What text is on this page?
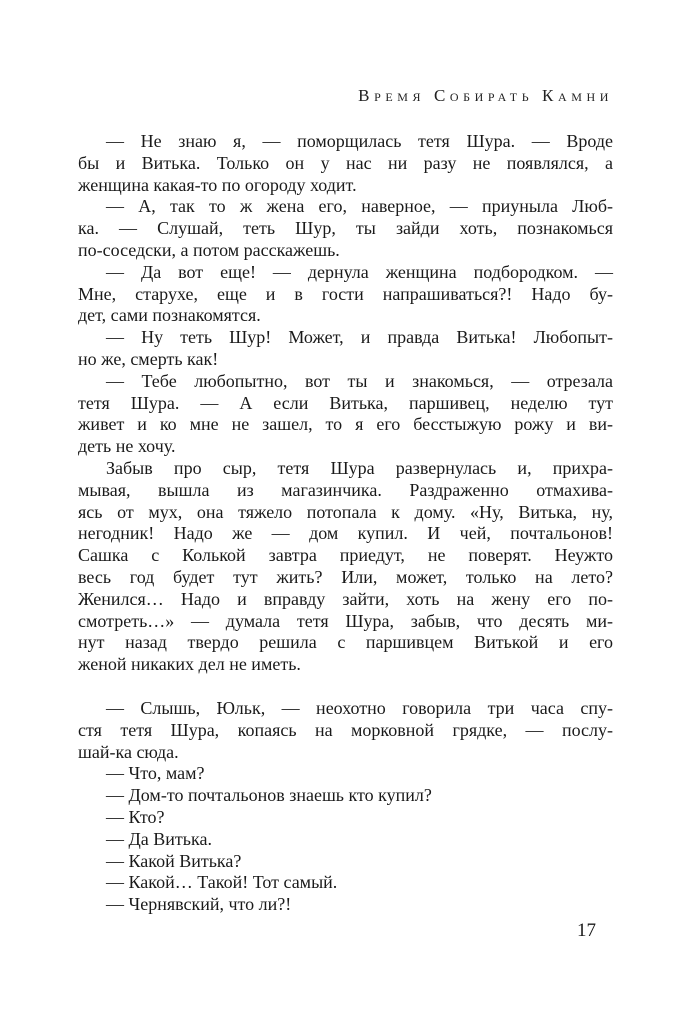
Время Собирать Камни

— Не знаю я, — поморщилась тетя Шура. — Вроде
бы и Витька. Только он у нас ни разу не появлялся, а
женщина какая-то по огороду ходит.

— А, так то ж жена его, наверное, — приуныла Люб-
ка. — Слушай, теть Шур, ты зайди хоть, познакомься
по-соседски, а потом расскажешь.

— Да вот еще! — дернула женщина подбородком. —
Мне, старухе, еще и в гости напрашиваться?! Надо бу-
дет, сами познакомятся.

— Ну теть Шур! Может, и правда Витька! Любопыт-
но же, смерть как!

— Тебе любопытно, вот ты и знакомься, — отрезала
тетя Шура. — А если Витька, паршивец, неделю тут
живет и ко мне не зашел, то я его бесстыжую рожу и ви-
деть не хочу.

Забыв про сыр, тетя Шура развернулась и, прихра-
мывая, вышла из магазинчика. Раздраженно отмахива-
ясь от мух, она тяжело потопала к дому. «Ну, Витька, ну,
негодник! Надо же — дом купил. И чей, почтальонов!
Сашка с Колькой завтра приедут, не поверят. Неужто
весь год будет тут жить? Или, может, только на лето?
Женился… Надо и вправду зайти, хоть на жену его по-
смотреть…» — думала тетя Шура, забыв, что десять ми-
нут назад твердо решила с паршивцем Витькой и его
женой никаких дел не иметь.

— Слышь, Юльк, — неохотно говорила три часа спу-
стя тетя Шура, копаясь на морковной грядке, — послу-
шай-ка сюда.

— Что, мам?

— Дом-то почтальонов знаешь кто купил?

— Кто?

— Да Витька.

— Какой Витька?

— Какой… Такой! Тот самый.

— Чернявский, что ли?!

17
